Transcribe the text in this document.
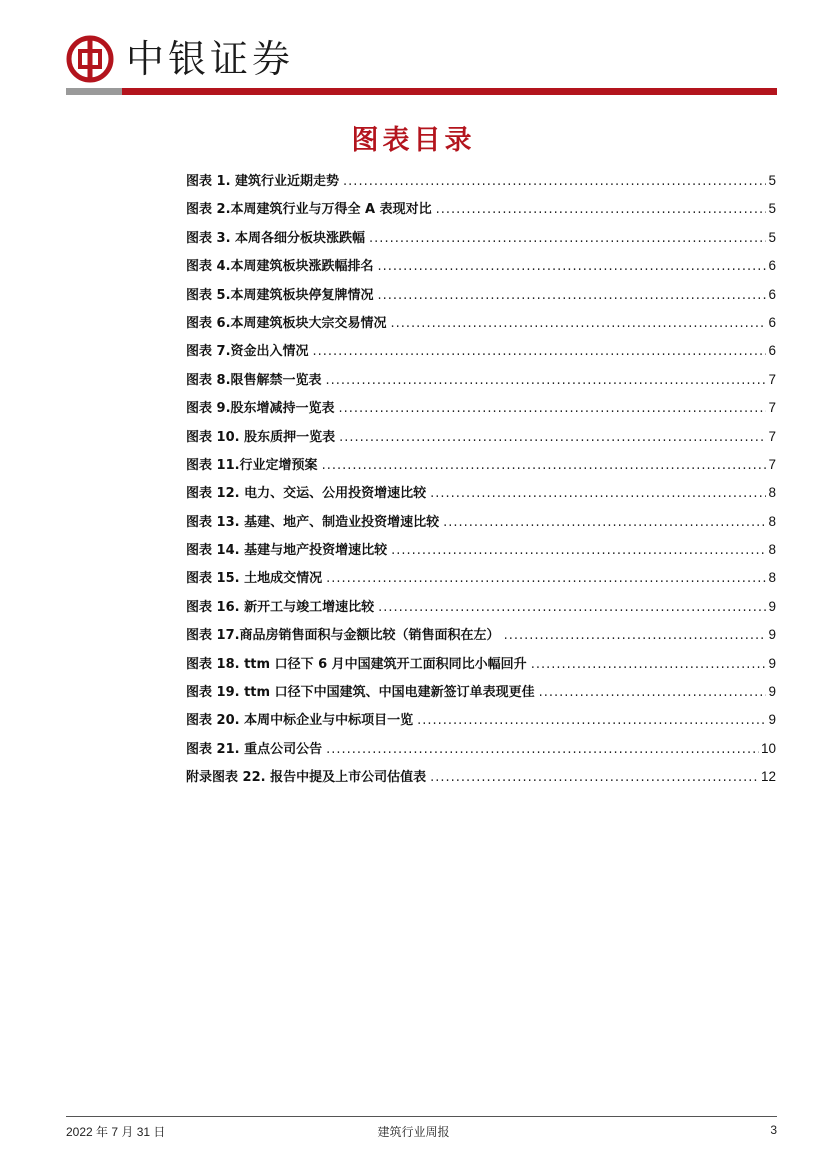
中银证券
图表目录
图表 1. 建筑行业近期走势 .....	5
图表 2.本周建筑行业与万得全 A 表现对比 .....	5
图表 3. 本周各细分板块涨跌幅 .....	5
图表 4.本周建筑板块涨跌幅排名 .....	6
图表 5.本周建筑板块停复牌情况 .....	6
图表 6.本周建筑板块大宗交易情况 .....	6
图表 7.资金出入情况 .....	6
图表 8.限售解禁一览表 .....	7
图表 9.股东增减持一览表 .....	7
图表 10. 股东质押一览表 .....	7
图表 11.行业定增预案 .....	7
图表 12. 电力、交运、公用投资增速比较 .....	8
图表 13. 基建、地产、制造业投资增速比较 .....	8
图表 14. 基建与地产投资增速比较 .....	8
图表 15. 土地成交情况 .....	8
图表 16. 新开工与竣工增速比较 .....	9
图表 17.商品房销售面积与金额比较（销售面积在左） .....	9
图表 18. ttm 口径下 6 月中国建筑开工面积同比小幅回升 .....	9
图表 19. ttm 口径下中国建筑、中国电建新签订单表现更佳 .....	9
图表 20. 本周中标企业与中标项目一览 .....	9
图表 21. 重点公司公告 .....	10
附录图表 22. 报告中提及上市公司估值表 .....	12
2022 年 7 月 31 日	建筑行业周报	3
